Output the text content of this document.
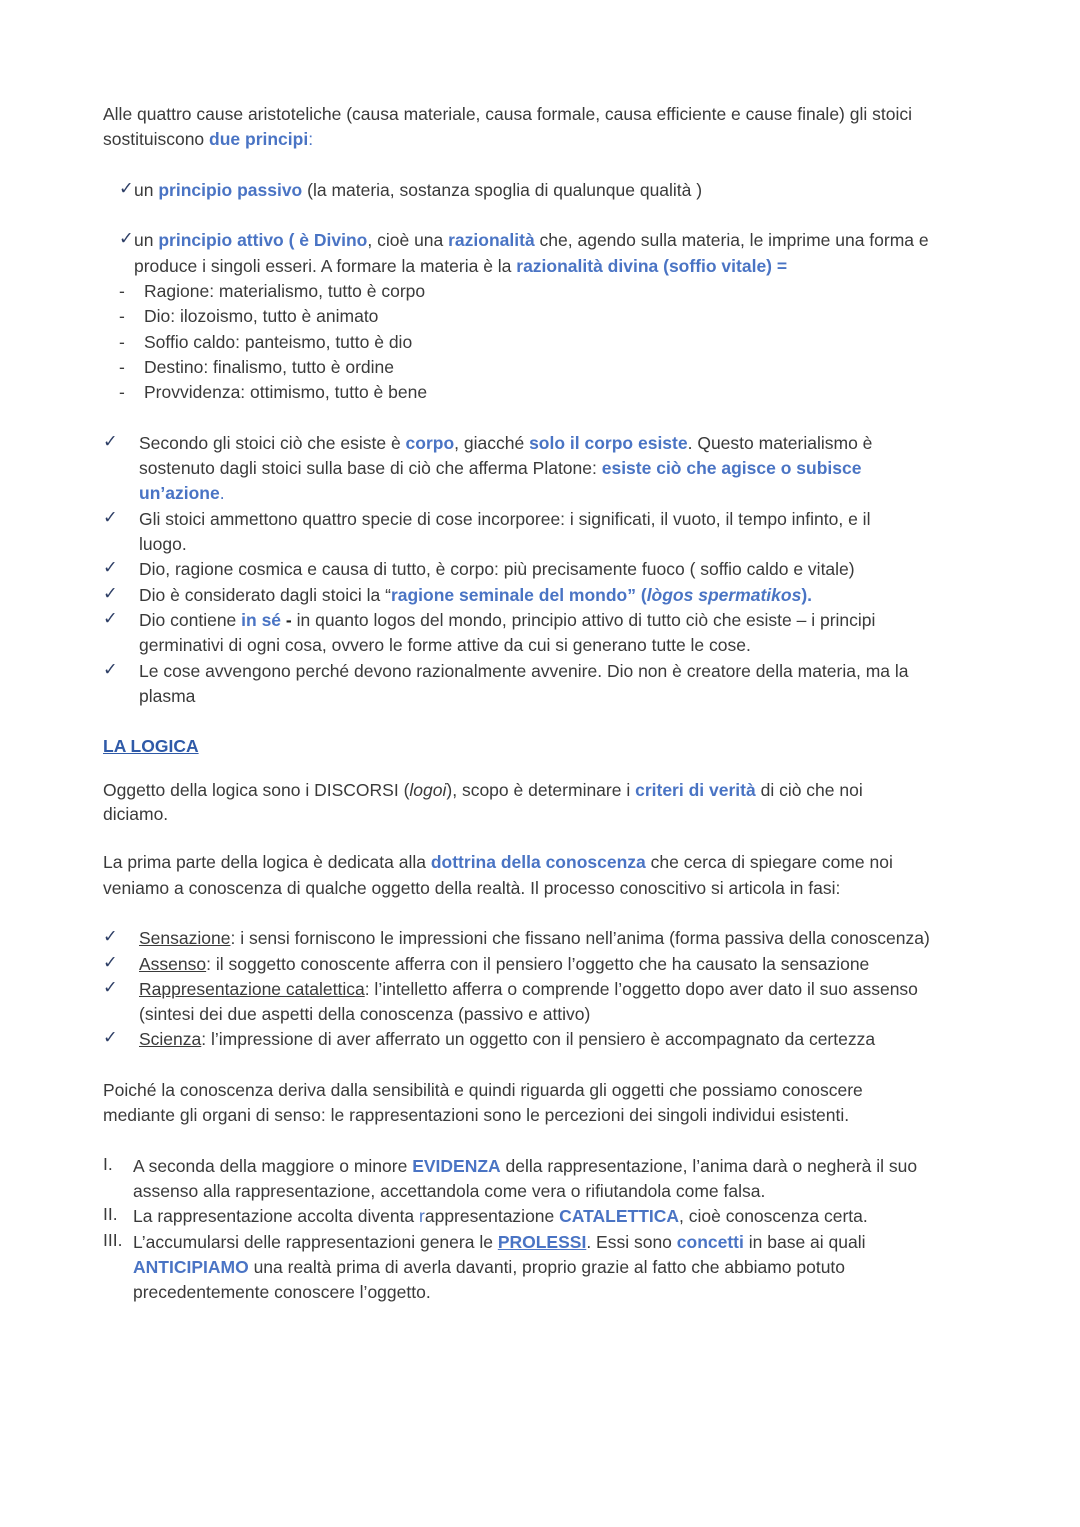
Alle quattro cause aristoteliche (causa materiale, causa formale, causa efficiente e cause finale) gli stoici
sostituiscono due principi:
✓ un principio passivo (la materia, sostanza spoglia di qualunque qualità )
✓ un principio attivo ( è Divino, cioè una razionalità che, agendo sulla materia, le imprime una forma e
produce i singoli esseri. A formare la materia è la razionalità divina (soffio vitale) =
-	Ragione: materialismo, tutto è corpo
-	Dio: ilozoismo, tutto è animato
-	Soffio caldo: panteismo, tutto è dio
-	Destino: finalismo, tutto è ordine
-	Provvidenza: ottimismo, tutto è bene
✓ Secondo gli stoici ciò che esiste è corpo, giacché solo il corpo esiste. Questo materialismo è
sostenuto dagli stoici sulla base di ciò che afferma Platone: esiste ciò che agisce o subisce
un’azione.
✓ Gli stoici ammettono quattro specie di cose incorporee: i significati, il vuoto, il tempo infinto, e il
luogo.
✓	Dio, ragione cosmica e causa di tutto, è corpo: più precisamente fuoco ( soffio caldo e vitale)
✓	Dio è considerato dagli stoici la “ragione seminale del mondo” (lògos spermatikos).
✓ Dio contiene in sé - in quanto logos del mondo, principio attivo di tutto ciò che esiste – i principi
germinativi di ogni cosa, ovvero le forme attive da cui si generano tutte le cose.
✓ Le cose avvengono perché devono razionalmente avvenire. Dio non è creatore della materia, ma la
plasma
LA LOGICA
Oggetto della logica sono i DISCORSI (logoi), scopo è determinare i criteri di verità di ciò che noi
diciamo.
La prima parte della logica è dedicata alla dottrina della conoscenza che cerca di spiegare come noi
veniamo a conoscenza di qualche oggetto della realtà. Il processo conoscitivo si articola in fasi:
✓	Sensazione: i sensi forniscono le impressioni che fissano nell’anima (forma passiva della conoscenza)
✓	Assenso: il soggetto conoscente afferra con il pensiero l’oggetto che ha causato la sensazione
✓ Rappresentazione catalettica: l’intelletto afferra o comprende l’oggetto dopo aver dato il suo assenso
(sintesi dei due aspetti della conoscenza (passivo e attivo)
✓	Scienza: l’impressione di aver afferrato un oggetto con il pensiero è accompagnato da certezza
Poiché la conoscenza deriva dalla sensibilità e quindi riguarda gli oggetti che possiamo conoscere
mediante gli organi di senso: le rappresentazioni sono le percezioni dei singoli individui esistenti.
I.	A seconda della maggiore o minore EVIDENZA della rappresentazione, l’anima darà o negherà il suo
assenso alla rappresentazione, accettandola come vera o rifiutandola come falsa.
II. La rappresentazione accolta diventa rappresentazione CATALETTICA, cioè conoscenza certa.
III. L’accumularsi delle rappresentazioni genera le PROLESSI. Essi sono concetti in base ai quali
ANTICIPIAMO una realtà prima di averla davanti, proprio grazie al fatto che abbiamo potuto
precedentemente conoscere l’oggetto.
